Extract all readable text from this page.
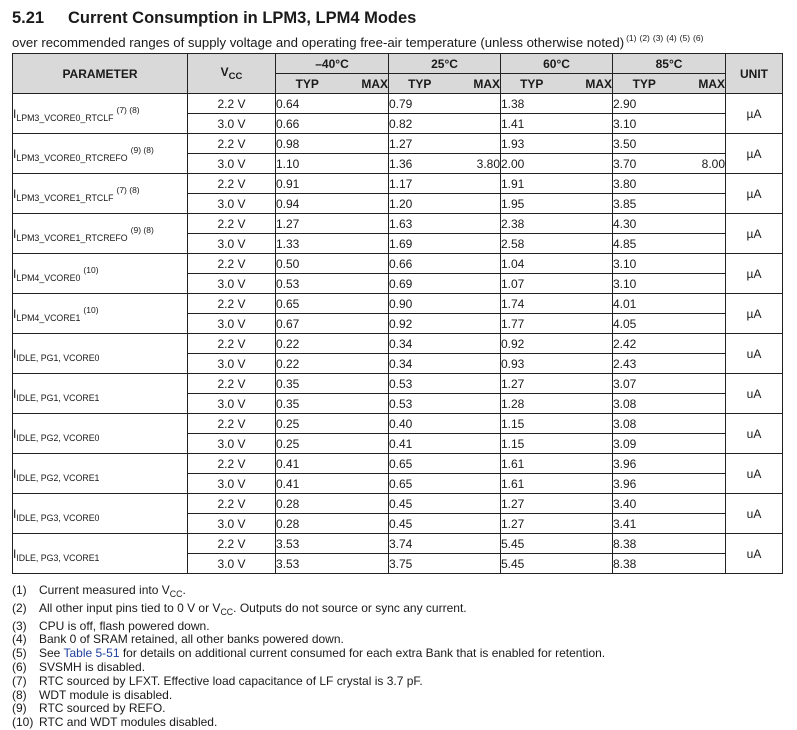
5.21 Current Consumption in LPM3, LPM4 Modes
over recommended ranges of supply voltage and operating free-air temperature (unless otherwise noted) $^{(1) (2) (3) (4) (5) (6)}$
PARAMETER	$V_{CC}$	–40°C		25°C		60°C		85°C		UNIT
		TYP	MAX	TYP	MAX	TYP	MAX	TYP	MAX	
$I_{LPM3\_VCORE0\_RTCLF}^{(7) (8)}$	2.2 V	0.64		0.79		1.38		2.90		µA
	3.0 V	0.66		0.82		1.41		3.10		
$I_{LPM3\_VCORE0\_RTCREFO}^{(9) (8)}$	2.2 V	0.98		1.27		1.93		3.50		µA
	3.0 V	1.10		1.36	3.80	2.00		3.70	8.00	
$I_{LPM3\_VCORE1\_RTCLF}^{(7) (8)}$	2.2 V	0.91		1.17		1.91		3.80		µA
	3.0 V	0.94		1.20		1.95		3.85		
$I_{LPM3\_VCORE1\_RTCREFO}^{(9) (8)}$	2.2 V	1.27		1.63		2.38		4.30		µA
	3.0 V	1.33		1.69		2.58		4.85		
$I_{LPM4\_VCORE0}^{(10)}$	2.2 V	0.50		0.66		1.04		3.10		µA
	3.0 V	0.53		0.69		1.07		3.10		
$I_{LPM4\_VCORE1}^{(10)}$	2.2 V	0.65		0.90		1.74		4.01		µA
	3.0 V	0.67		0.92		1.77		4.05		
$I_{IDLE, PG1, VCORE0}$	2.2 V	0.22		0.34		0.92		2.42		uA
	3.0 V	0.22		0.34		0.93		2.43		
$I_{IDLE, PG1, VCORE1}$	2.2 V	0.35		0.53		1.27		3.07		uA
	3.0 V	0.35		0.53		1.28		3.08		
$I_{IDLE, PG2, VCORE0}$	2.2 V	0.25		0.40		1.15		3.08		uA
	3.0 V	0.25		0.41		1.15		3.09		
$I_{IDLE, PG2, VCORE1}$	2.2 V	0.41		0.65		1.61		3.96		uA
	3.0 V	0.41		0.65		1.61		3.96		
$I_{IDLE, PG3, VCORE0}$	2.2 V	0.28		0.45		1.27		3.40		uA
	3.0 V	0.28		0.45		1.27		3.41		
$I_{IDLE, PG3, VCORE1}$	2.2 V	3.53		3.74		5.45		8.38		uA
	3.0 V	3.53		3.75		5.45		8.38		
(1) Current measured into $V_{CC}$.
(2) All other input pins tied to 0 V or $V_{CC}$. Outputs do not source or sync any current.
(3) CPU is off, flash powered down.
(4) Bank 0 of SRAM retained, all other banks powered down.
(5) See Table 5-51 for details on additional current consumed for each extra Bank that is enabled for retention.
(6) SVSMH is disabled.
(7) RTC sourced by LFXT. Effective load capacitance of LF crystal is 3.7 pF.
(8) WDT module is disabled.
(9) RTC sourced by REFO.
(10) RTC and WDT modules disabled.
